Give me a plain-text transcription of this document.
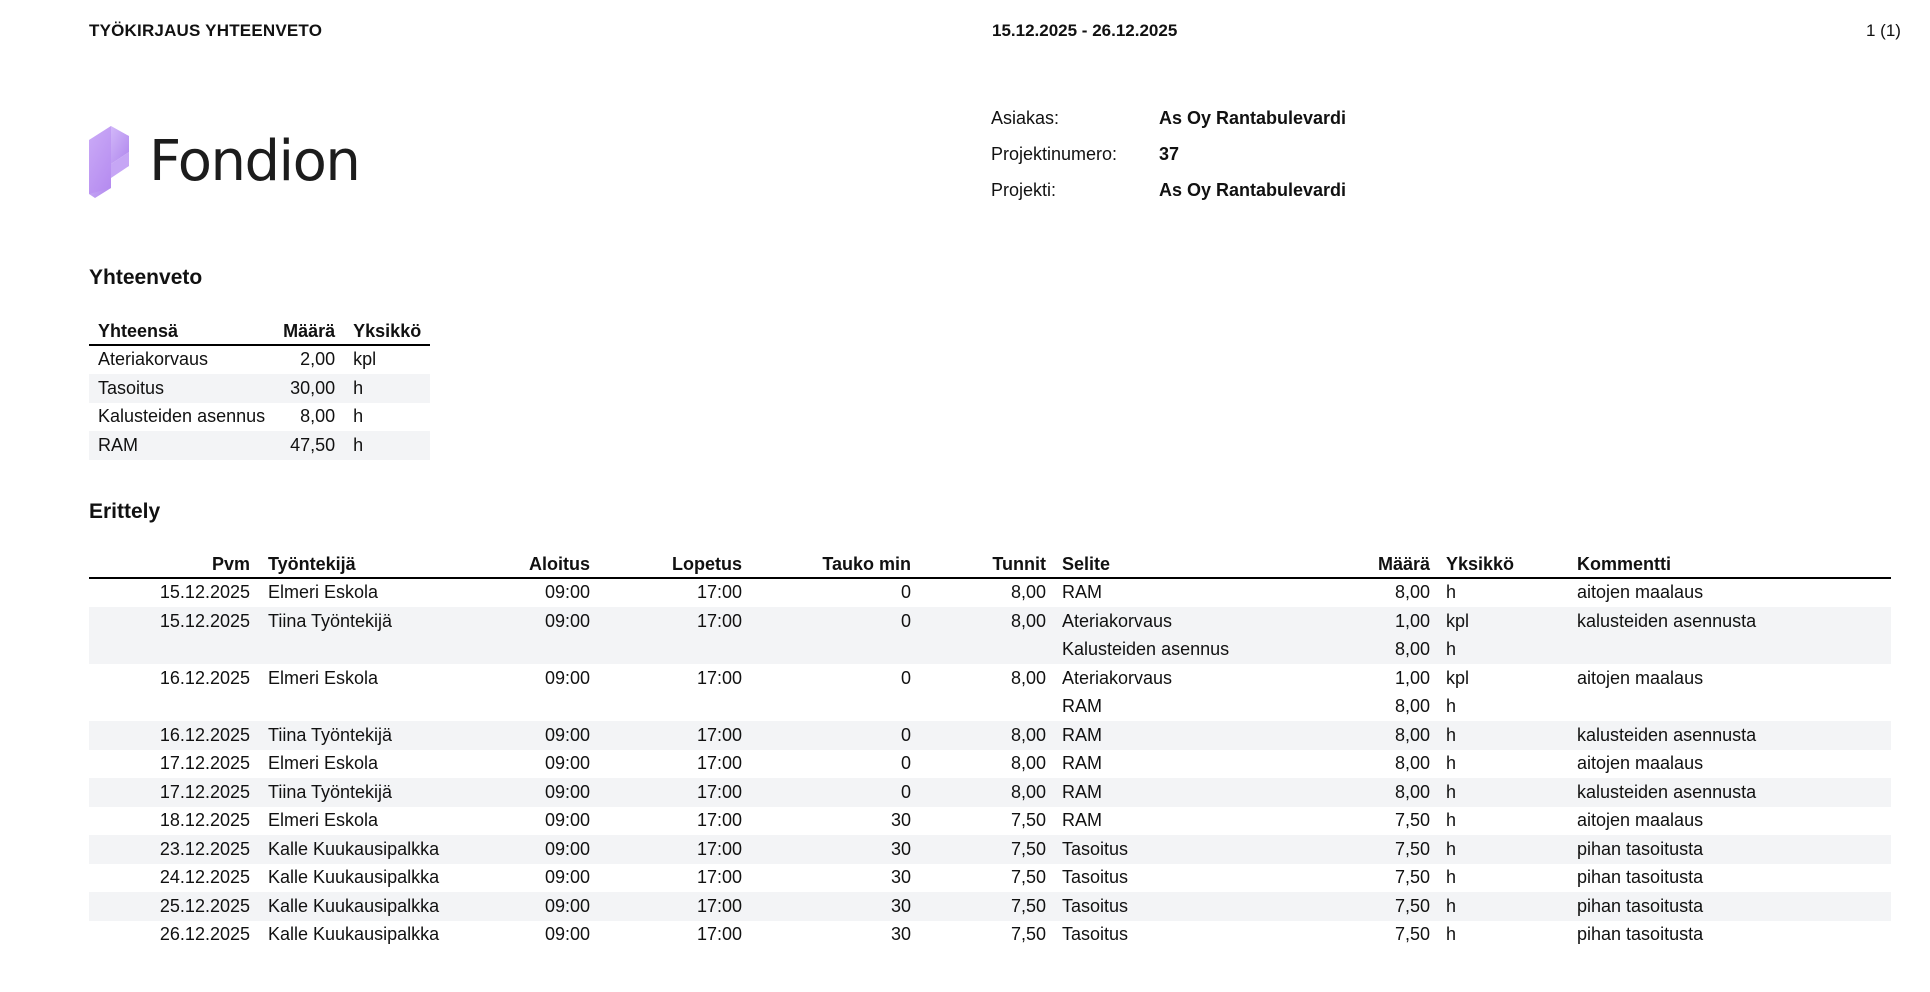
TYÖKIRJAUS YHTEENVETO	15.12.2025 - 26.12.2025	1 (1)
Fondion
Asiakas:	As Oy Rantabulevardi
Projektinumero:	37
Projekti:	As Oy Rantabulevardi
Yhteenveto
Yhteensä	Määrä	Yksikkö
Ateriakorvaus	2,00	kpl
Tasoitus	30,00	h
Kalusteiden asennus	8,00	h
RAM	47,50	h
Erittely
Pvm	Työntekijä	Aloitus	Lopetus	Tauko min	Tunnit	Selite	Määrä	Yksikkö	Kommentti
15.12.2025	Elmeri Eskola	09:00	17:00	0	8,00	RAM	8,00	h	aitojen maalaus
15.12.2025	Tiina Työntekijä	09:00	17:00	0	8,00	Ateriakorvaus	1,00	kpl	kalusteiden asennusta
						Kalusteiden asennus	8,00	h	
16.12.2025	Elmeri Eskola	09:00	17:00	0	8,00	Ateriakorvaus	1,00	kpl	aitojen maalaus
						RAM	8,00	h	
16.12.2025	Tiina Työntekijä	09:00	17:00	0	8,00	RAM	8,00	h	kalusteiden asennusta
17.12.2025	Elmeri Eskola	09:00	17:00	0	8,00	RAM	8,00	h	aitojen maalaus
17.12.2025	Tiina Työntekijä	09:00	17:00	0	8,00	RAM	8,00	h	kalusteiden asennusta
18.12.2025	Elmeri Eskola	09:00	17:00	30	7,50	RAM	7,50	h	aitojen maalaus
23.12.2025	Kalle Kuukausipalkka	09:00	17:00	30	7,50	Tasoitus	7,50	h	pihan tasoitusta
24.12.2025	Kalle Kuukausipalkka	09:00	17:00	30	7,50	Tasoitus	7,50	h	pihan tasoitusta
25.12.2025	Kalle Kuukausipalkka	09:00	17:00	30	7,50	Tasoitus	7,50	h	pihan tasoitusta
26.12.2025	Kalle Kuukausipalkka	09:00	17:00	30	7,50	Tasoitus	7,50	h	pihan tasoitusta
